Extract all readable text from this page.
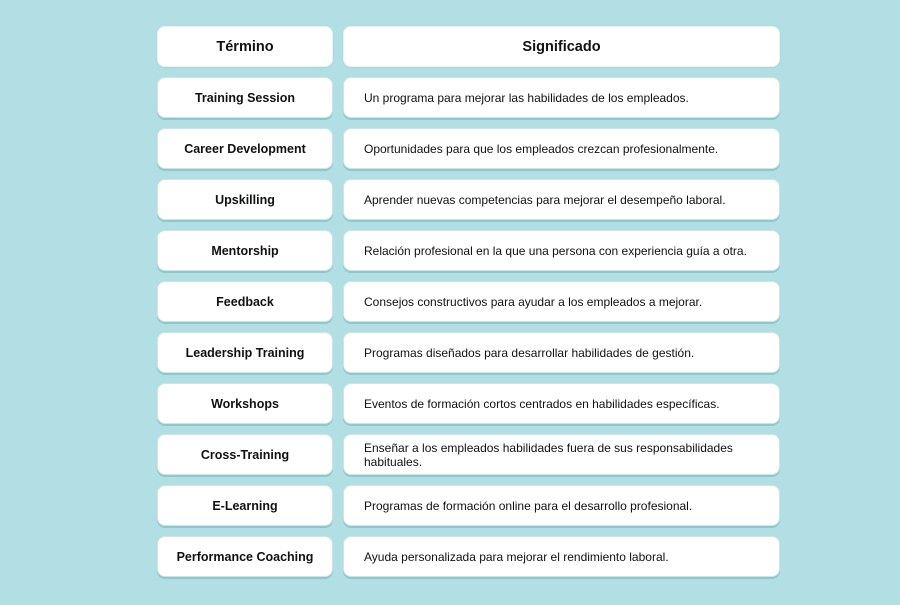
Término	Significado
Training Session	Un programa para mejorar las habilidades de los empleados.
Career Development	Oportunidades para que los empleados crezcan profesionalmente.
Upskilling	Aprender nuevas competencias para mejorar el desempeño laboral.
Mentorship	Relación profesional en la que una persona con experiencia guía a otra.
Feedback	Consejos constructivos para ayudar a los empleados a mejorar.
Leadership Training	Programas diseñados para desarrollar habilidades de gestión.
Workshops	Eventos de formación cortos centrados en habilidades específicas.
Cross-Training	Enseñar a los empleados habilidades fuera de sus responsabilidades habituales.
E-Learning	Programas de formación online para el desarrollo profesional.
Performance Coaching	Ayuda personalizada para mejorar el rendimiento laboral.
